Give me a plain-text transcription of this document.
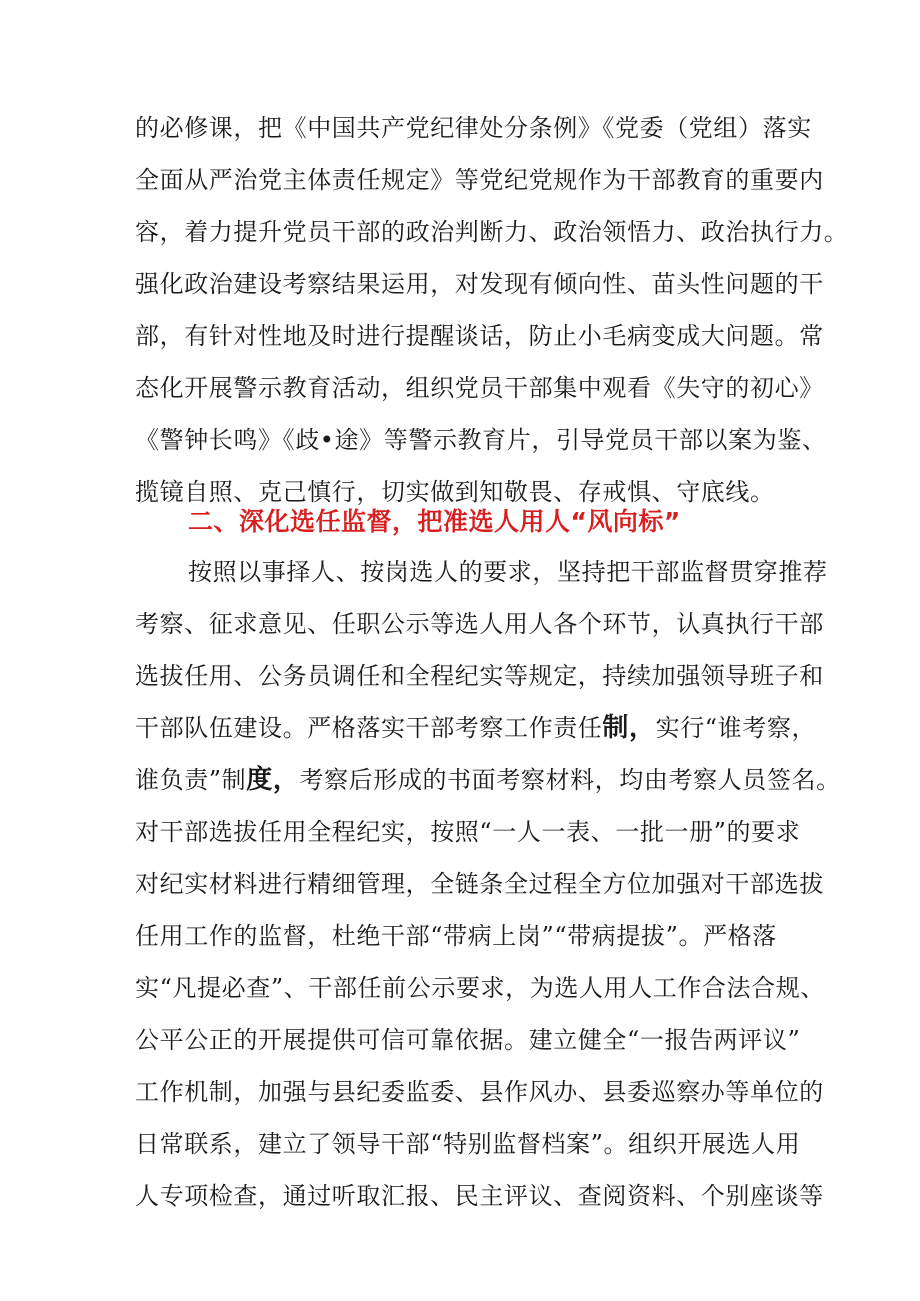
的必修课，把《中国共产党纪律处分条例》《党委（党组）落实
全面从严治党主体责任规定》等党纪党规作为干部教育的重要内
容，着力提升党员干部的政治判断力、政治领悟力、政治执行力。
强化政治建设考察结果运用，对发现有倾向性、苗头性问题的干
部，有针对性地及时进行提醒谈话，防止小毛病变成大问题。常
态化开展警示教育活动，组织党员干部集中观看《失守的初心》
《警钟长鸣》《歧•途》等警示教育片，引导党员干部以案为鉴、
揽镜自照、克己慎行，切实做到知敬畏、存戒惧、守底线。
二、深化选任监督，把准选人用人“风向标”
按照以事择人、按岗选人的要求，坚持把干部监督贯穿推荐
考察、征求意见、任职公示等选人用人各个环节，认真执行干部
选拔任用、公务员调任和全程纪实等规定，持续加强领导班子和
干部队伍建设。严格落实干部考察工作责任制，实行“谁考察，
谁负责”制度，考察后形成的书面考察材料，均由考察人员签名。
对干部选拔任用全程纪实，按照“一人一表、一批一册”的要求
对纪实材料进行精细管理，全链条全过程全方位加强对干部选拔
任用工作的监督，杜绝干部“带病上岗”“带病提拔”。严格落
实“凡提必查”、干部任前公示要求，为选人用人工作合法合规、
公平公正的开展提供可信可靠依据。建立健全“一报告两评议”
工作机制，加强与县纪委监委、县作风办、县委巡察办等单位的
日常联系，建立了领导干部“特别监督档案”。组织开展选人用
人专项检查，通过听取汇报、民主评议、查阅资料、个别座谈等
